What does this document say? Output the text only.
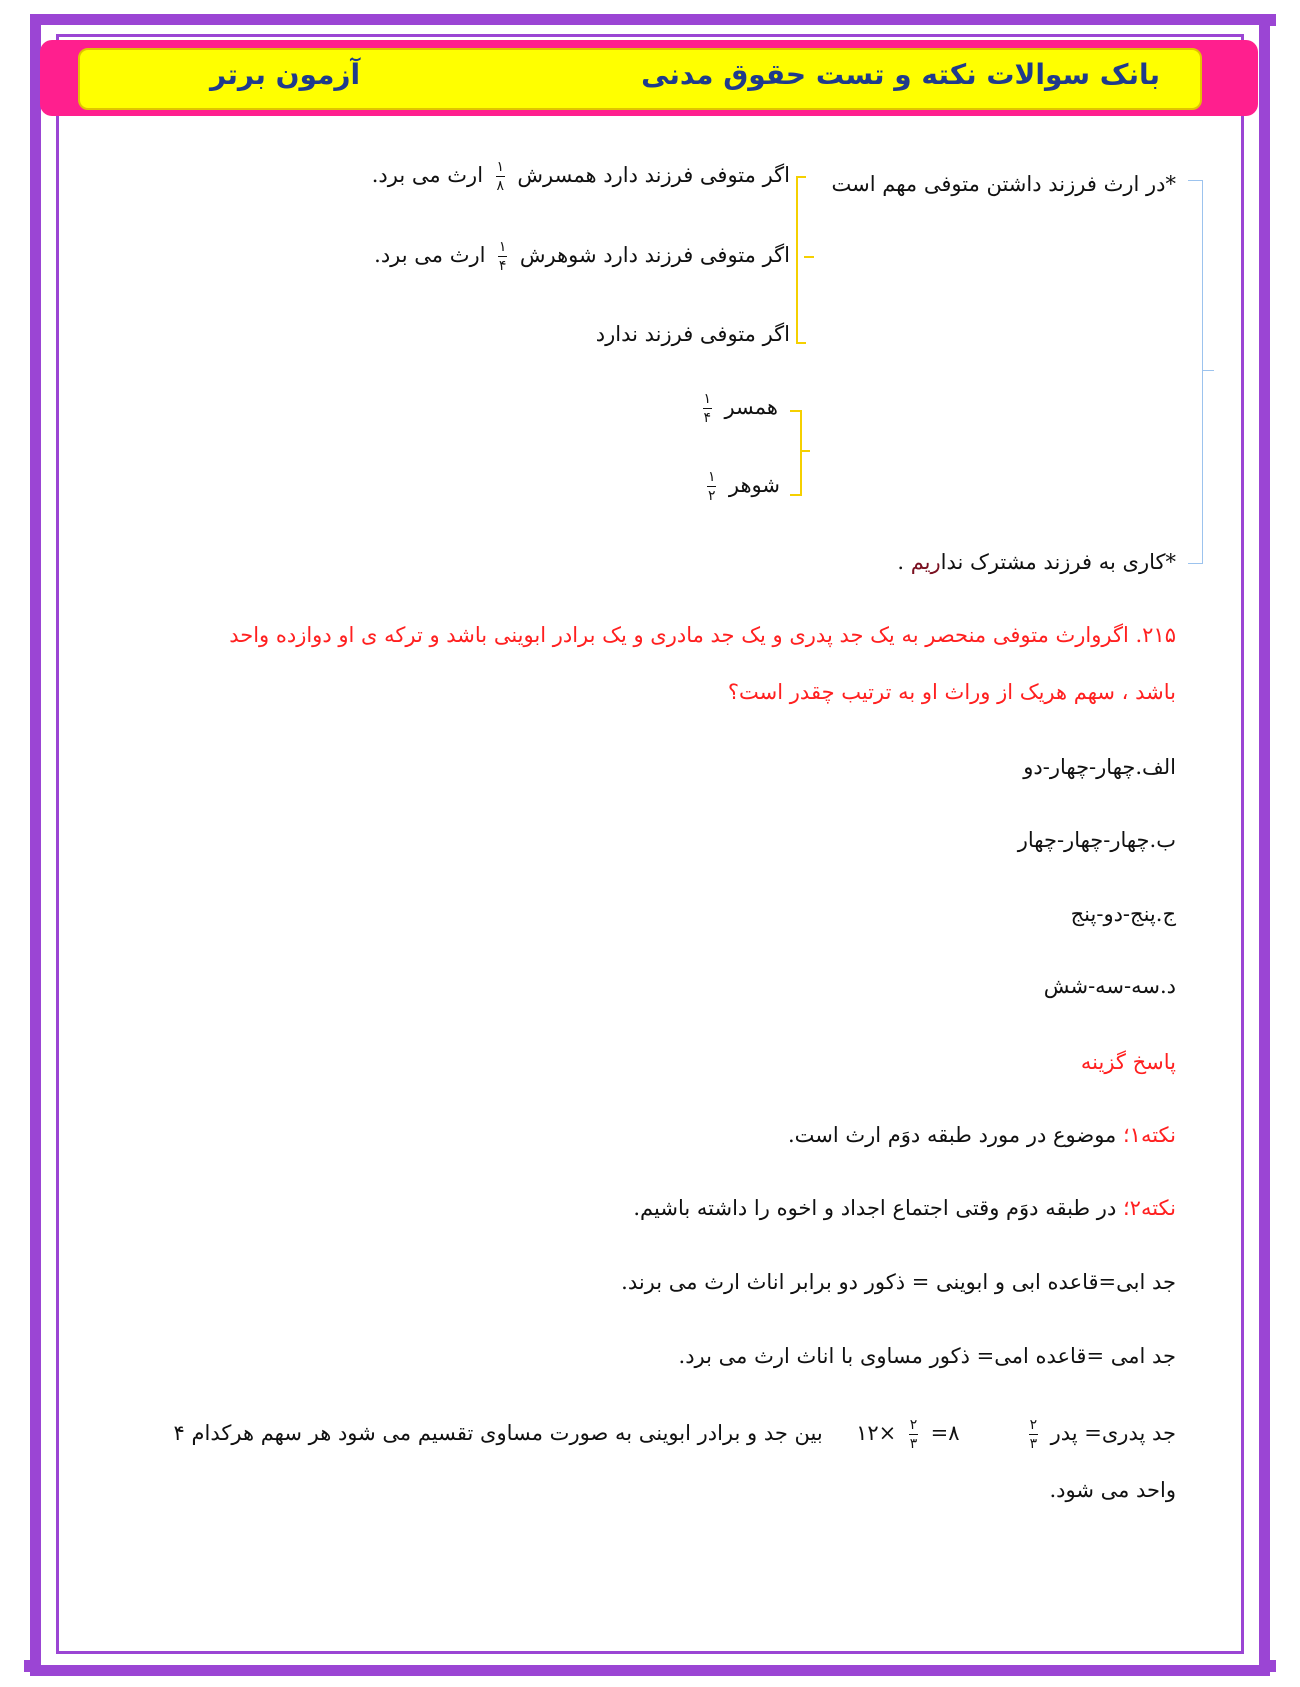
بانک سوالات نکته و تست حقوق مدنی
آزمون برتر
*در ارث فرزند داشتن متوفی مهم است
اگر متوفی فرزند دارد همسرش
$\frac{۱}{۸}$
ارث می برد.
اگر متوفی فرزند دارد شوهرش
$\frac{۱}{۴}$
ارث می برد.
اگر متوفی فرزند ندارد
همسر
$\frac{۱}{۴}$
شوهر
$\frac{۱}{۲}$
*کاری به فرزند مشترک نداریم .
۲۱۵. اگروارث متوفی منحصر به یک جد پدری و یک جد مادری و یک برادر ابوینی باشد و ترکه ی او دوازده واحد
باشد ، سهم هریک از وراث او به ترتیب چقدر است؟
الف.چهار-چهار-دو
ب.چهار-چهار-چهار
ج.پنج-دو-پنج
د.سه-سه-شش
پاسخ گزینه
نکته۱؛ موضوع در مورد طبقه دوَم ارث است.
نکته۲؛ در طبقه دوَم وقتی اجتماع اجداد و اخوه را داشته باشیم.
جد ابی=قاعده ابی و ابوینی = ذکور دو برابر اناث ارث می برند.
جد امی =قاعده امی= ذکور مساوی با اناث ارث می برد.
جد پدری= پدر
$\frac{۲}{۳}$
۸=
$\frac{۲}{۳}$
×۱۲  بین جد و برادر ابوینی به صورت مساوی تقسیم می شود هر سهم هرکدام ۴
واحد می شود.
